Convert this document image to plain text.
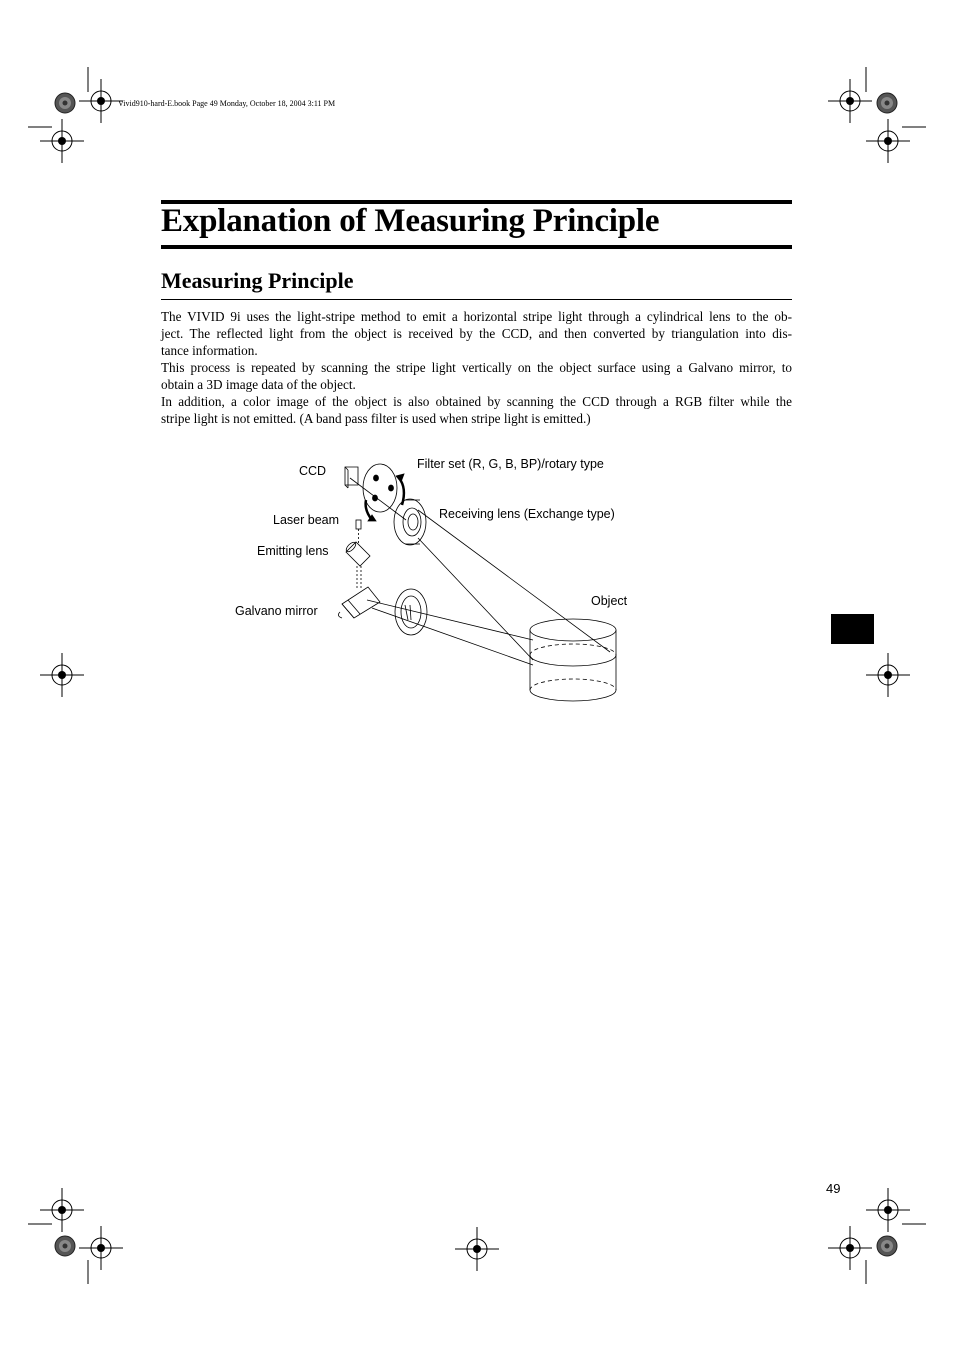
Vivid910-hard-E.book Page 49 Monday, October 18, 2004 3:11 PM
Explanation of Measuring Principle
Measuring Principle

The VIVID 9i uses the light-stripe method to emit a horizontal stripe light through a cylindrical lens to the ob-

ject. The reflected light from the object is received by the CCD, and then converted by triangulation into dis-

tance information.

This process is repeated by scanning the stripe light vertically on the object surface using a Galvano mirror, to

obtain a 3D image data of the object.

In addition, a color image of the object is also obtained by scanning the CCD through a RGB filter while the

stripe light is not emitted. (A band pass filter is used when stripe light is emitted.)

CCD	Filter set (R, G, B, BP)/rotary type
Laser beam	Receiving lens (Exchange type)
Emitting lens
Galvano mirror
Object
49
